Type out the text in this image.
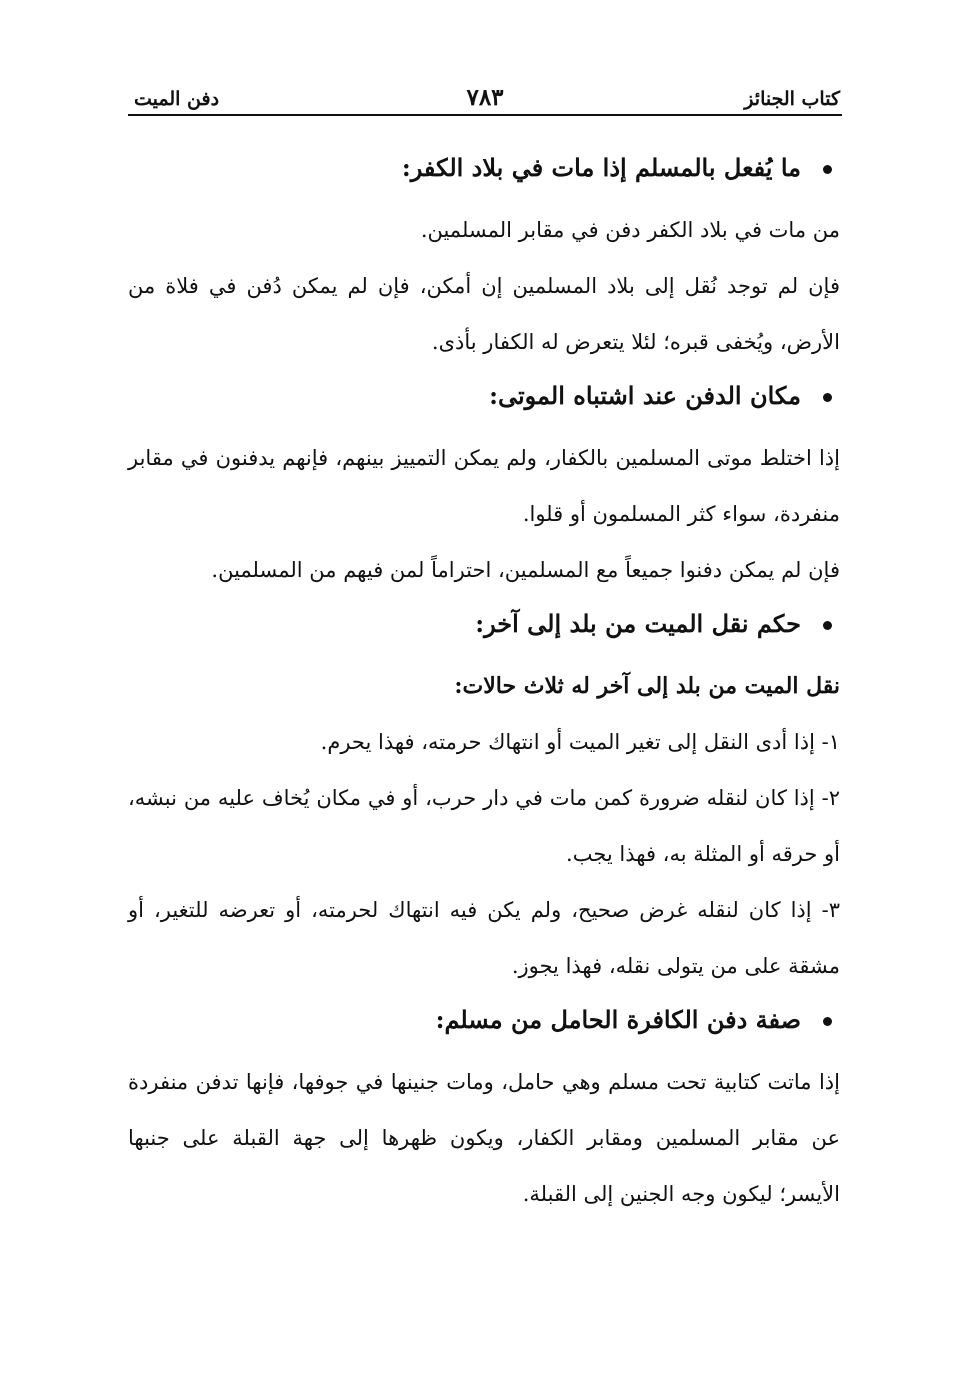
كتاب الجنائز
٧٨٣
دفن الميت
ما يُفعل بالمسلم إذا مات في بلاد الكفر:

من مات في بلاد الكفر دفن في مقابر المسلمين.

فإن لم توجد نُقل إلى بلاد المسلمين إن أمكن، فإن لم يمكن دُفن في فلاة من الأرض، ويُخفى قبره؛ لئلا يتعرض له الكفار بأذى.

مكان الدفن عند اشتباه الموتى:

إذا اختلط موتى المسلمين بالكفار، ولم يمكن التمييز بينهم، فإنهم يدفنون في مقابر منفردة، سواء كثر المسلمون أو قلوا.

فإن لم يمكن دفنوا جميعاً مع المسلمين، احتراماً لمن فيهم من المسلمين.

حكم نقل الميت من بلد إلى آخر:

نقل الميت من بلد إلى آخر له ثلاث حالات:

١- إذا أدى النقل إلى تغير الميت أو انتهاك حرمته، فهذا يحرم.

٢- إذا كان لنقله ضرورة كمن مات في دار حرب، أو في مكان يُخاف عليه من نبشه، أو حرقه أو المثلة به، فهذا يجب.

٣- إذا كان لنقله غرض صحيح، ولم يكن فيه انتهاك لحرمته، أو تعرضه للتغير، أو مشقة على من يتولى نقله، فهذا يجوز.

صفة دفن الكافرة الحامل من مسلم:

إذا ماتت كتابية تحت مسلم وهي حامل، ومات جنينها في جوفها، فإنها تدفن منفردة عن مقابر المسلمين ومقابر الكفار، ويكون ظهرها إلى جهة القبلة على جنبها الأيسر؛ ليكون وجه الجنين إلى القبلة.
